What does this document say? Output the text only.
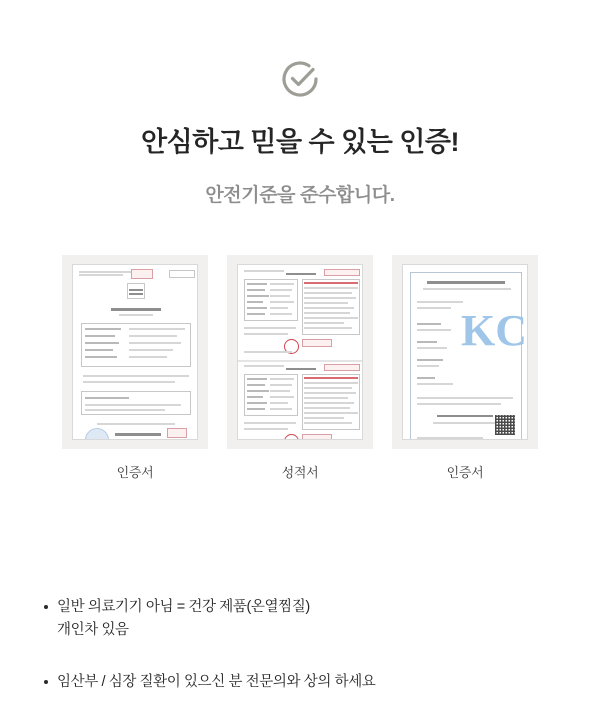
안심하고 믿을 수 있는 인증!

안전기준을 준수합니다.

인증서	성적서
KC
인증서
일반 의료기기 아님 = 건강 제품(온열찜질)
개인차 있음
임산부 / 심장 질환이 있으신 분 전문의와 상의 하세요
